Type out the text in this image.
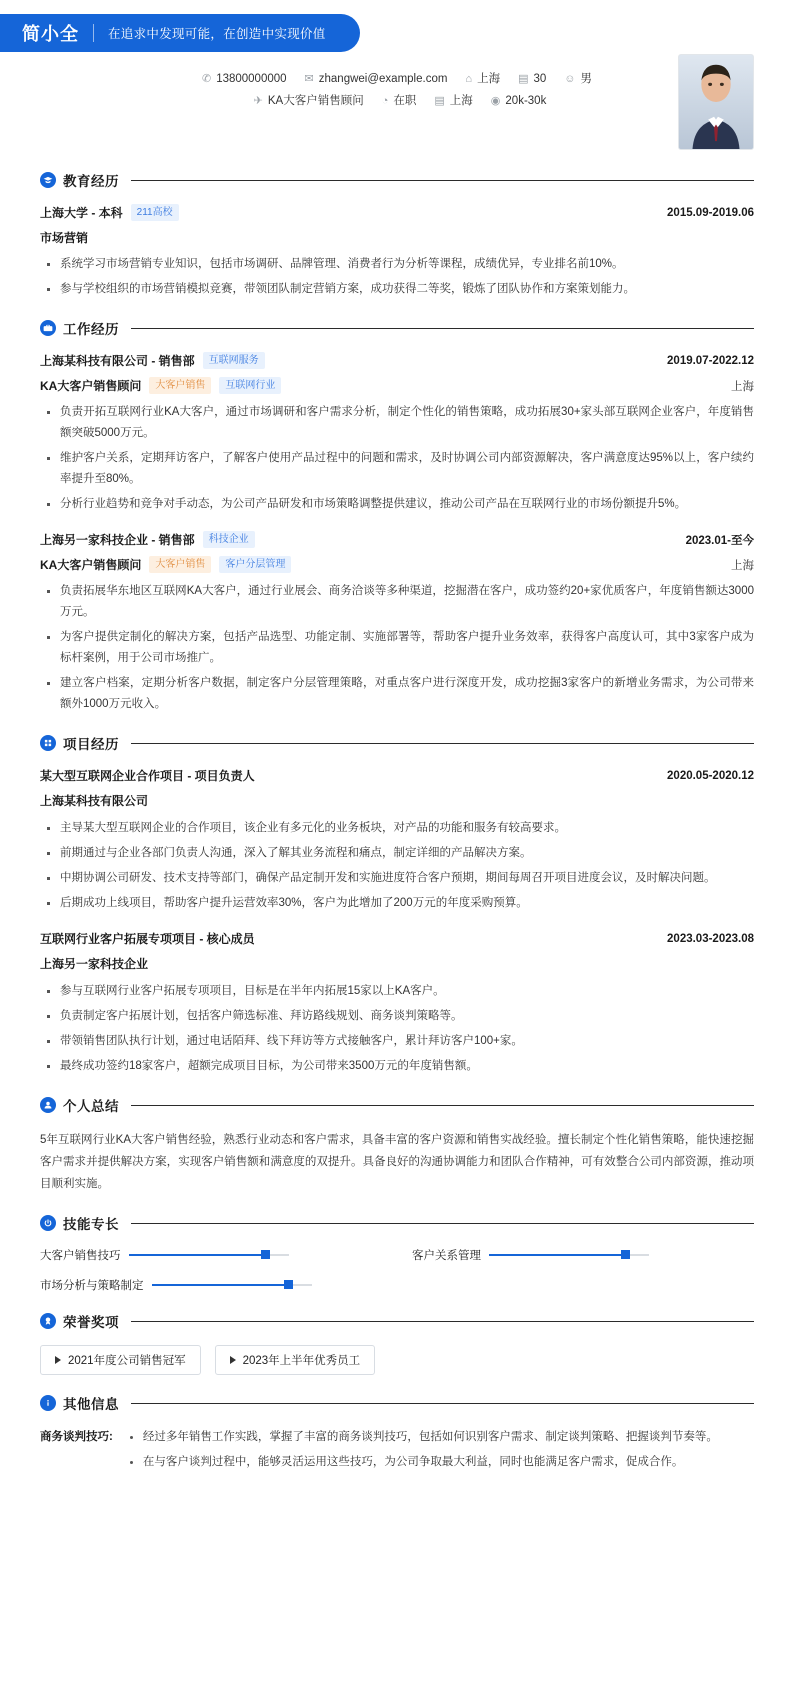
简小全 在追求中发现可能，在创造中实现价值
✆ 13800000000 ✉ zhangwei@example.com ⌂ 上海 ▤ 30 ☺ 男
✈ KA大客户销售顾问 ◔ 在职 ▤ 上海 ◉ 20k-30k
教育经历
上海大学 - 本科	211高校	2015.09-2019.06
市场营销
系统学习市场营销专业知识，包括市场调研、品牌管理、消费者行为分析等课程，成绩优异，专业排名前10%。
参与学校组织的市场营销模拟竞赛，带领团队制定营销方案，成功获得二等奖，锻炼了团队协作和方案策划能力。
工作经历
上海某科技有限公司 - 销售部	互联网服务	2019.07-2022.12
KA大客户销售顾问	大客户销售	互联网行业	上海
负责开拓互联网行业KA大客户，通过市场调研和客户需求分析，制定个性化的销售策略，成功拓展30+家头部互联网企业客户，年度销售额突破5000万元。
维护客户关系，定期拜访客户，了解客户使用产品过程中的问题和需求，及时协调公司内部资源解决，客户满意度达95%以上，客户续约率提升至80%。
分析行业趋势和竞争对手动态，为公司产品研发和市场策略调整提供建议，推动公司产品在互联网行业的市场份额提升5%。
上海另一家科技企业 - 销售部	科技企业	2023.01-至今
KA大客户销售顾问	大客户销售	客户分层管理	上海
负责拓展华东地区互联网KA大客户，通过行业展会、商务洽谈等多种渠道，挖掘潜在客户，成功签约20+家优质客户，年度销售额达3000万元。
为客户提供定制化的解决方案，包括产品选型、功能定制、实施部署等，帮助客户提升业务效率，获得客户高度认可，其中3家客户成为标杆案例，用于公司市场推广。
建立客户档案，定期分析客户数据，制定客户分层管理策略，对重点客户进行深度开发，成功挖掘3家客户的新增业务需求，为公司带来额外1000万元收入。
项目经历
某大型互联网企业合作项目 - 项目负责人	2020.05-2020.12
上海某科技有限公司
主导某大型互联网企业的合作项目，该企业有多元化的业务板块，对产品的功能和服务有较高要求。
前期通过与企业各部门负责人沟通，深入了解其业务流程和痛点，制定详细的产品解决方案。
中期协调公司研发、技术支持等部门，确保产品定制开发和实施进度符合客户预期，期间每周召开项目进度会议，及时解决问题。
后期成功上线项目，帮助客户提升运营效率30%，客户为此增加了200万元的年度采购预算。
互联网行业客户拓展专项项目 - 核心成员	2023.03-2023.08
上海另一家科技企业
参与互联网行业客户拓展专项项目，目标是在半年内拓展15家以上KA客户。
负责制定客户拓展计划，包括客户筛选标准、拜访路线规划、商务谈判策略等。
带领销售团队执行计划，通过电话陌拜、线下拜访等方式接触客户，累计拜访客户100+家。
最终成功签约18家客户，超额完成项目目标，为公司带来3500万元的年度销售额。
个人总结

5年互联网行业KA大客户销售经验，熟悉行业动态和客户需求，具备丰富的客户资源和销售实战经验。擅长制定个性化销售策略，能快速挖掘客户需求并提供解决方案，实现客户销售额和满意度的双提升。具备良好的沟通协调能力和团队合作精神，可有效整合公司内部资源，推动项目顺利实施。

技能专长
大客户销售技巧	客户关系管理
市场分析与策略制定
荣誉奖项
2021年度公司销售冠军	2023年上半年优秀员工
其他信息
商务谈判技巧:	经过多年销售工作实践，掌握了丰富的商务谈判技巧，包括如何识别客户需求、制定谈判策略、把握谈判节奏等。
在与客户谈判过程中，能够灵活运用这些技巧，为公司争取最大利益，同时也能满足客户需求，促成合作。
